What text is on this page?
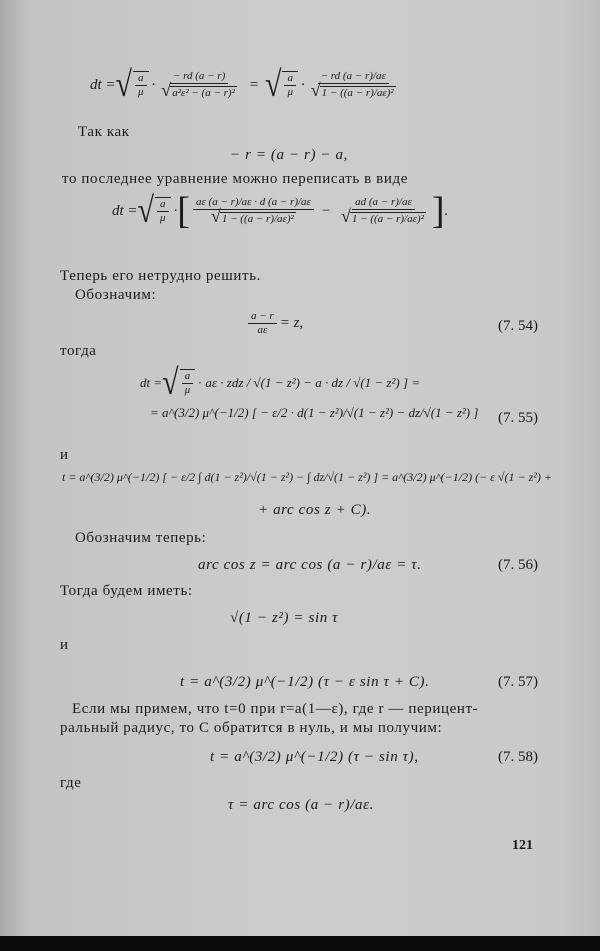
dt = √ $\frac{a}{\mu} \cdot \frac{- rd (a - r)}{\text{√a²ε² − (a − r)²}}$ = √ $\frac{a}{\mu} \cdot \frac{- rd (a - r)/a\varepsilon}{\text{√1 − ((a − r)/aε)²}}$
Так как
− r = (a − r) − a,
то последнее уравнение можно переписать в виде
dt = √ $\frac{a}{\mu}$ · [ $\frac{a\varepsilon (a - r)/a\varepsilon \cdot d (a - r)/a\varepsilon}{\text{√1 − ((a − r)/aε)²}} - \frac{ad (a - r)/a\varepsilon}{\text{√1 − ((a − r)/aε)²}}$ ] .
Теперь его нетрудно решить.
Обозначим:
$\frac{a - r}{a\varepsilon} = z$,	(7. 54)
тогда
dt = √ $\frac{a}{\mu} \cdot a\varepsilon$ · zdz / √(1 − z²) − a · dz / √(1 − z²) ] =
= a^(3/2) μ^(−1/2) [ − ε/2 · d(1 − z²)/√(1 − z²) − dz/√(1 − z²) ] (7. 55)
и
t = a^(3/2) μ^(−1/2) [ − ε/2 ∫ d(1 − z²)/√(1 − z²) − ∫ dz/√(1 − z²) ] = a^(3/2) μ^(−1/2) (− ε √(1 − z²) +
+ arc cos z + C).
Обозначим теперь:
arc cos z = arc cos (a − r)/aε = τ.	(7. 56)
Тогда будем иметь:
√(1 − z²) = sin τ
и
t = a^(3/2) μ^(−1/2) (τ − ε sin τ + C).	(7. 57)
Если мы примем, что t=0 при r=a(1—ε), где r — перицент-
ральный радиус, то C обратится в нуль, и мы получим:
t = a^(3/2) μ^(−1/2) (τ − sin τ),	(7. 58)
где
τ = arc cos (a − r)/aε.
121
